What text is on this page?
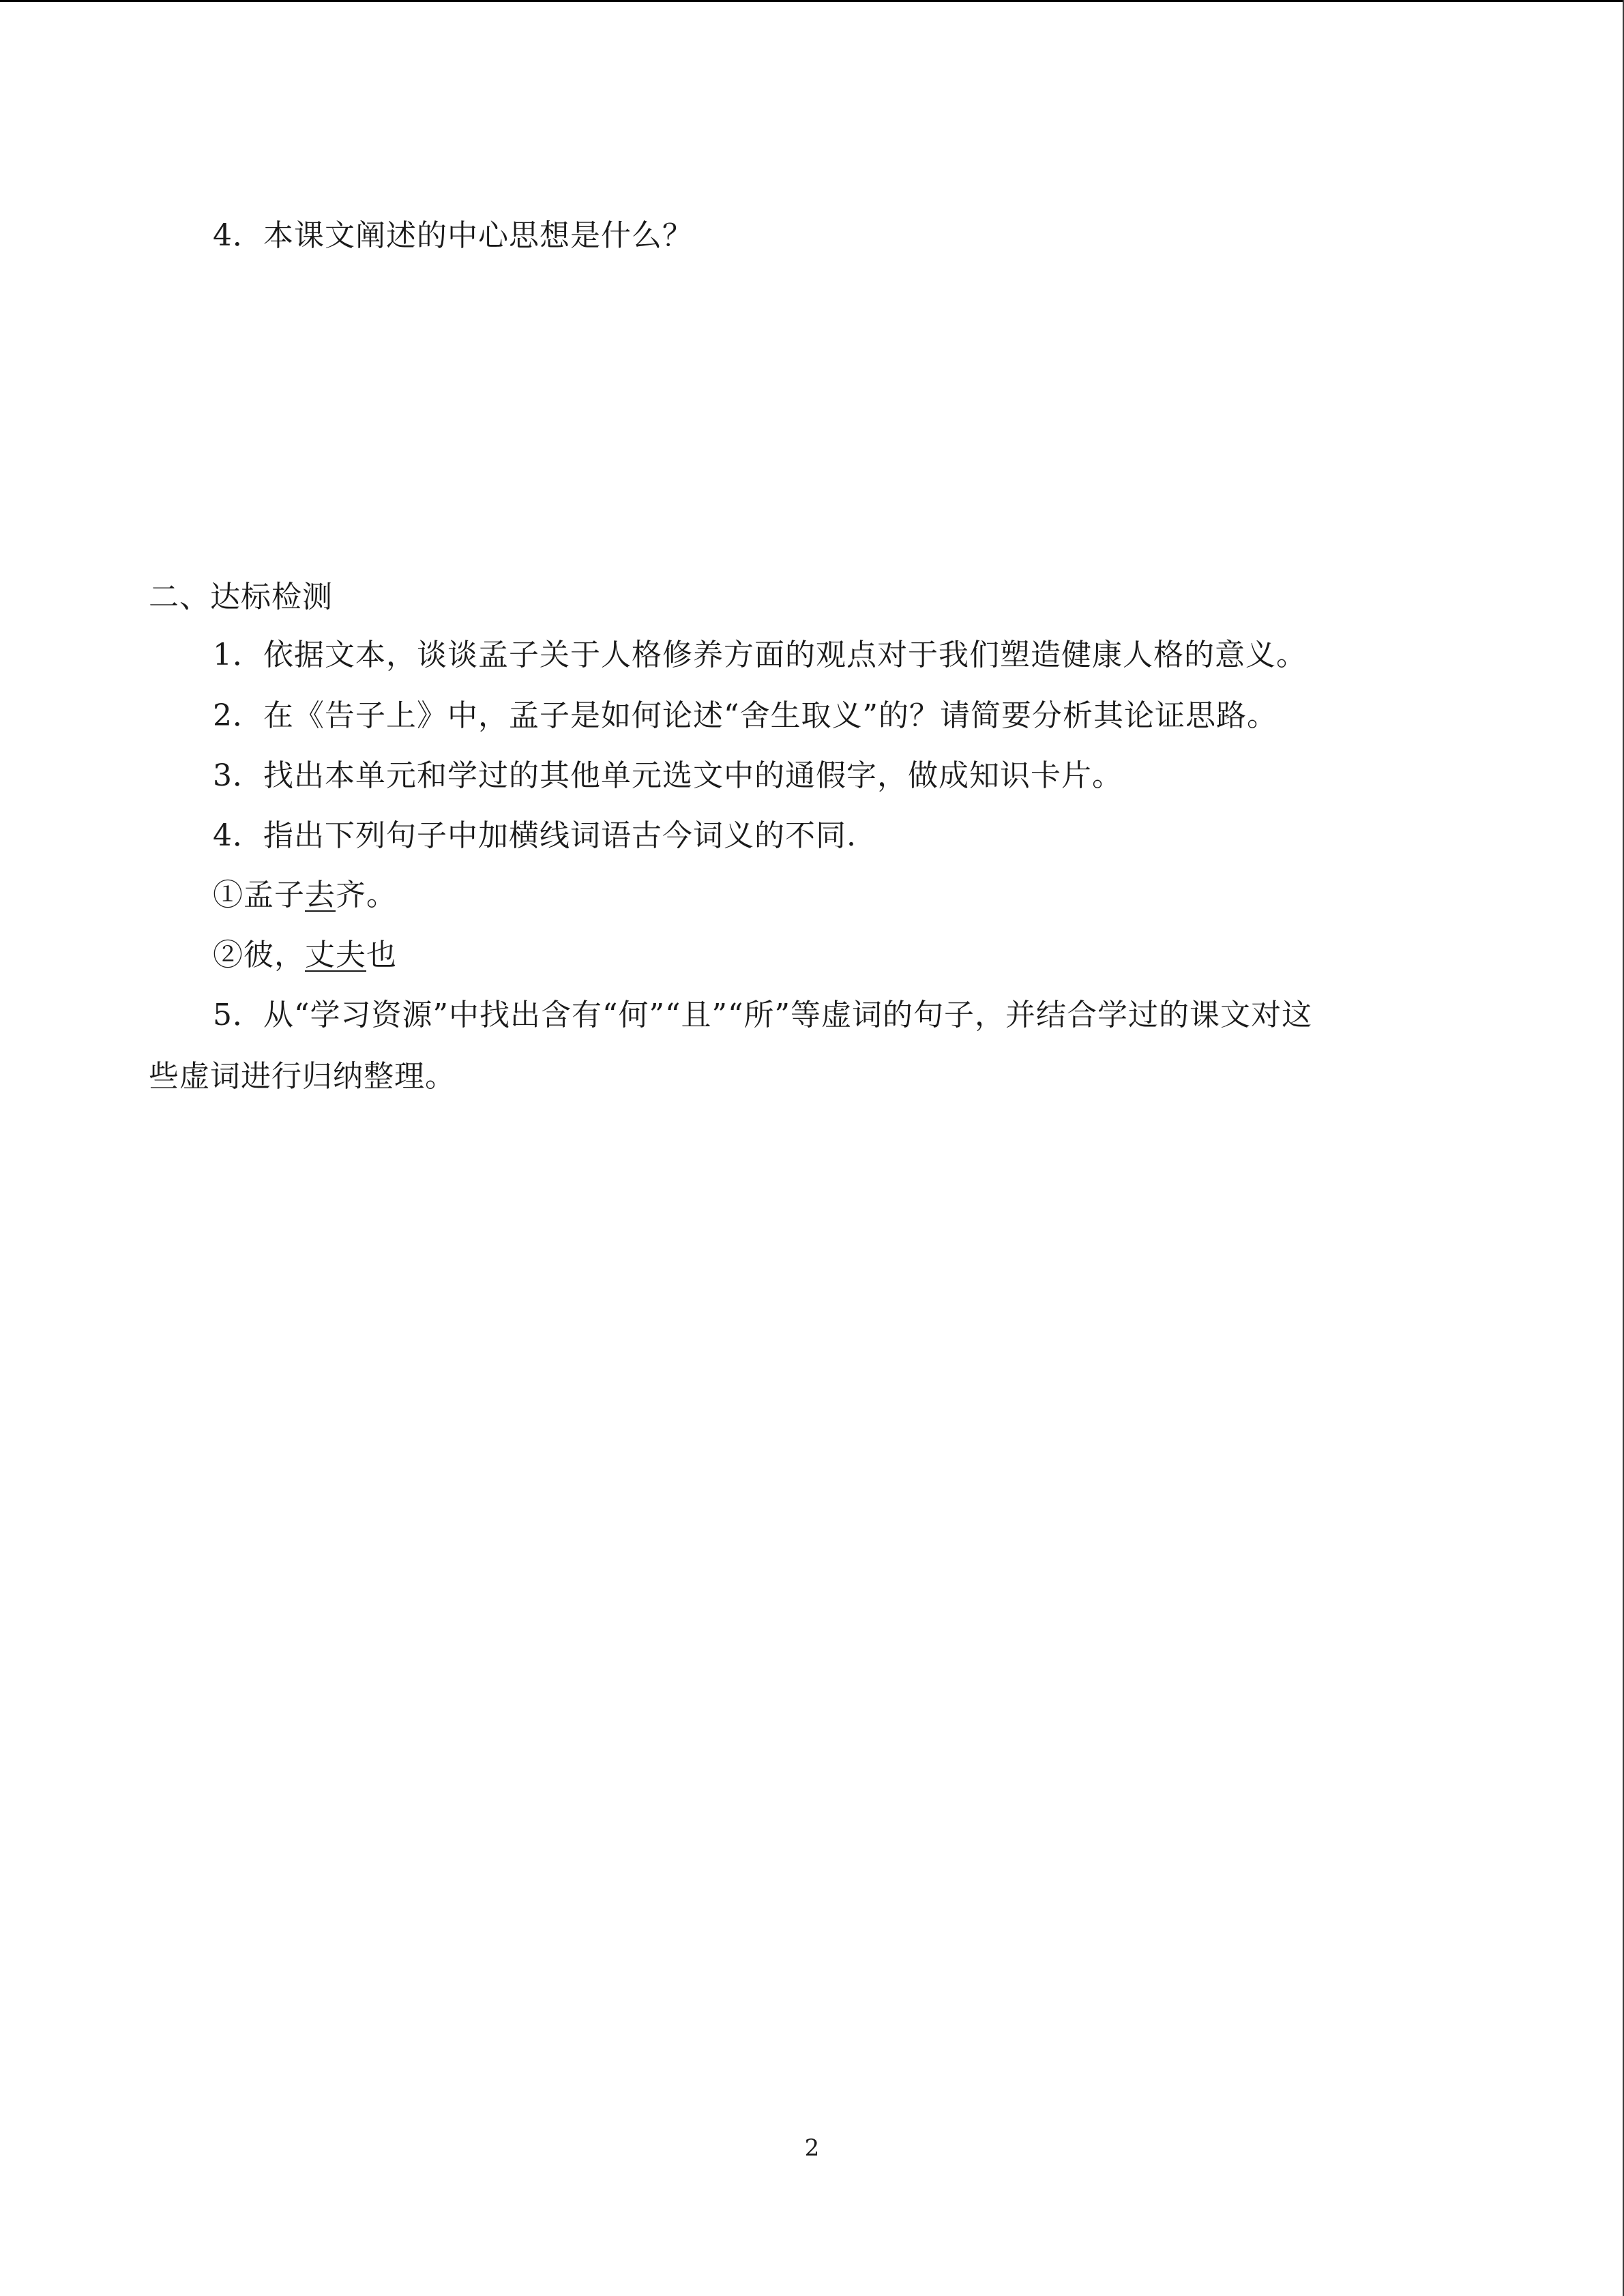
4．本课文阐述的中心思想是什么？
二、达标检测
1．依据文本，谈谈孟子关于人格修养方面的观点对于我们塑造健康人格的意义。
2．在《告子上》中，孟子是如何论述“舍生取义”的？请简要分析其论证思路。
3．找出本单元和学过的其他单元选文中的通假字，做成知识卡片。
4．指出下列句子中加横线词语古今词义的不同.
①孟子去齐。
②彼，丈夫也
5．从“学习资源”中找出含有“何”“且”“所”等虚词的句子，并结合学过的课文对这
些虚词进行归纳整理。
2
